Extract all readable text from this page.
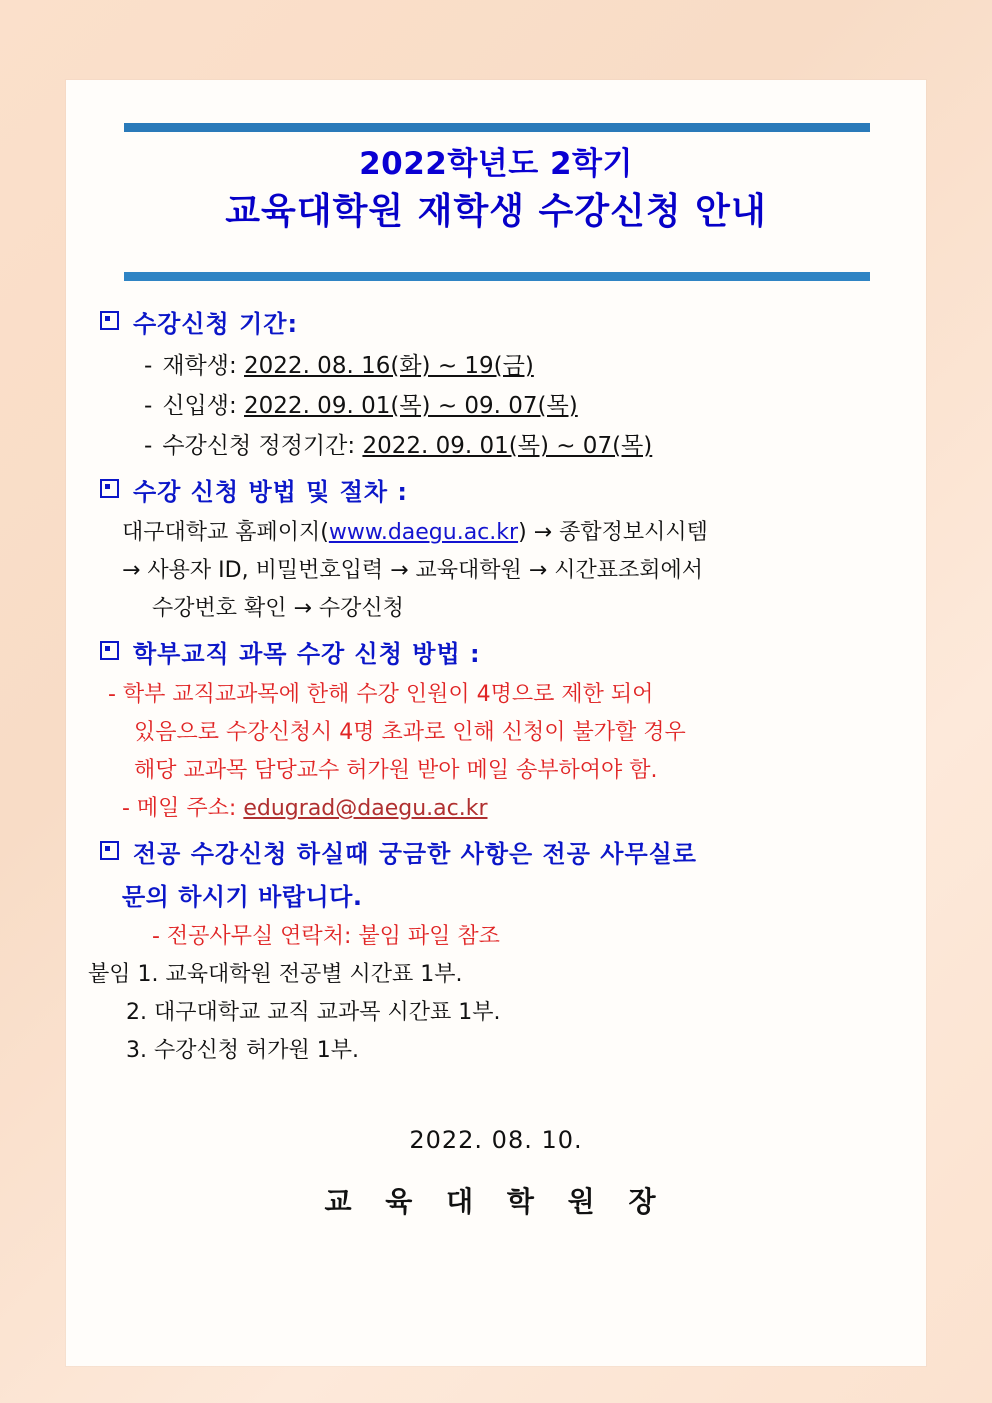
2022학년도 2학기
교육대학원 재학생 수강신청 안내
수강신청 기간:
- 재학생: 2022. 08. 16(화) ~ 19(금)
- 신입생: 2022. 09. 01(목) ~ 09. 07(목)
- 수강신청 정정기간: 2022. 09. 01(목) ~ 07(목)
수강 신청 방법 및 절차 :
대구대학교 홈페이지(www.daegu.ac.kr) → 종합정보시시템
→ 사용자 ID, 비밀번호입력 → 교육대학원 → 시간표조회에서
수강번호 확인 → 수강신청
학부교직 과목 수강 신청 방법 :
- 학부 교직교과목에 한해 수강 인원이 4명으로 제한 되어
있음으로 수강신청시 4명 초과로 인해 신청이 불가할 경우
해당 교과목 담당교수 허가원 받아 메일 송부하여야 함.
- 메일 주소: edugrad@daegu.ac.kr
전공 수강신청 하실때 궁금한 사항은 전공 사무실로
문의 하시기 바랍니다.
- 전공사무실 연락처: 붙임 파일 참조
붙임 1. 교육대학원 전공별 시간표 1부.
2. 대구대학교 교직 교과목 시간표 1부.
3. 수강신청 허가원 1부.
2022. 08. 10.
교 육 대 학 원 장
